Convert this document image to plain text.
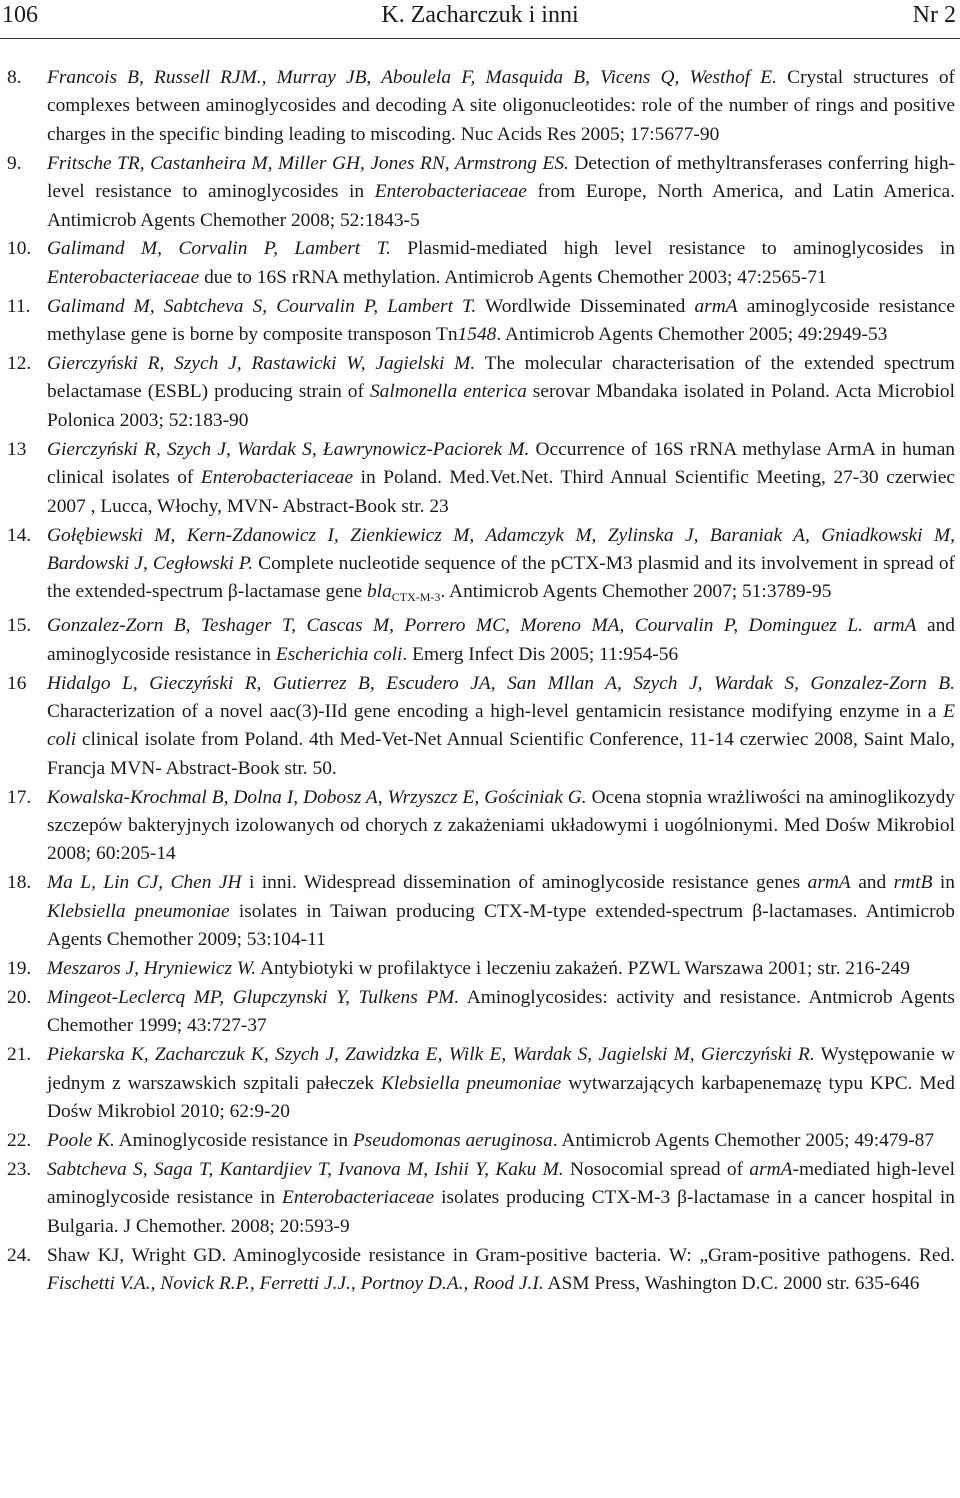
106	K. Zacharczuk i inni	Nr 2
8. Francois B, Russell RJM., Murray JB, Aboulela F, Masquida B, Vicens Q, Westhof E. Crystal structures of complexes between aminoglycosides and decoding A site oligonucleotides: role of the number of rings and positive charges in the specific binding leading to miscoding. Nuc Acids Res 2005; 17:5677-90
9. Fritsche TR, Castanheira M, Miller GH, Jones RN, Armstrong ES. Detection of methyltransferases conferring high-level resistance to aminoglycosides in Enterobacteriaceae from Europe, North America, and Latin America. Antimicrob Agents Chemother 2008; 52:1843-5
10. Galimand M, Corvalin P, Lambert T. Plasmid-mediated high level resistance to aminoglycosides in Enterobacteriaceae due to 16S rRNA methylation. Antimicrob Agents Chemother 2003; 47:2565-71
11. Galimand M, Sabtcheva S, Courvalin P, Lambert T. Wordlwide Disseminated armA aminoglycoside resistance methylase gene is borne by composite transposon Tn1548. Antimicrob Agents Chemother 2005; 49:2949-53
12. Gierczyński R, Szych J, Rastawicki W, Jagielski M. The molecular characterisation of the extended spectrum belactamase (ESBL) producing strain of Salmonella enterica serovar Mbandaka isolated in Poland. Acta Microbiol Polonica 2003; 52:183-90
13 Gierczyński R, Szych J, Wardak S, Ławrynowicz-Paciorek M. Occurrence of 16S rRNA methylase ArmA in human clinical isolates of Enterobacteriaceae in Poland. Med.Vet.Net. Third Annual Scientific Meeting, 27-30 czerwiec 2007 , Lucca, Włochy, MVN- Abstract-Book str. 23
14. Gołębiewski M, Kern-Zdanowicz I, Zienkiewicz M, Adamczyk M, Zylinska J, Baraniak A, Gniadkowski M, Bardowski J, Cegłowski P. Complete nucleotide sequence of the pCTX-M3 plasmid and its involvement in spread of the extended-spectrum β-lactamase gene bla$_{CTX-M-3}$. Antimicrob Agents Chemother 2007; 51:3789-95
15. Gonzalez-Zorn B, Teshager T, Cascas M, Porrero MC, Moreno MA, Courvalin P, Dominguez L. armA and aminoglycoside resistance in Escherichia coli. Emerg Infect Dis 2005; 11:954-56
16 Hidalgo L, Gieczyński R, Gutierrez B, Escudero JA, San Mllan A, Szych J, Wardak S, Gonzalez-Zorn B. Characterization of a novel aac(3)-IId gene encoding a high-level gentamicin resistance modifying enzyme in a E coli clinical isolate from Poland. 4th Med-Vet-Net Annual Scientific Conference, 11-14 czerwiec 2008, Saint Malo, Francja MVN- Abstract-Book str. 50.
17. Kowalska-Krochmal B, Dolna I, Dobosz A, Wrzyszcz E, Gościniak G. Ocena stopnia wrażliwości na aminoglikozydy szczepów bakteryjnych izolowanych od chorych z zakażeniami układowymi i uogólnionymi. Med Dośw Mikrobiol 2008; 60:205-14
18. Ma L, Lin CJ, Chen JH i inni. Widespread dissemination of aminoglycoside resistance genes armA and rmtB in Klebsiella pneumoniae isolates in Taiwan producing CTX-M-type extended-spectrum β-lactamases. Antimicrob Agents Chemother 2009; 53:104-11
19. Meszaros J, Hryniewicz W. Antybiotyki w profilaktyce i leczeniu zakażeń. PZWL Warszawa 2001; str. 216-249
20. Mingeot-Leclercq MP, Glupczynski Y, Tulkens PM. Aminoglycosides: activity and resistance. Antmicrob Agents Chemother 1999; 43:727-37
21. Piekarska K, Zacharczuk K, Szych J, Zawidzka E, Wilk E, Wardak S, Jagielski M, Gierczyński R. Występowanie w jednym z warszawskich szpitali pałeczek Klebsiella pneumoniae wytwarzających karbapenemazę typu KPC. Med Dośw Mikrobiol 2010; 62:9-20
22. Poole K. Aminoglycoside resistance in Pseudomonas aeruginosa. Antimicrob Agents Chemother 2005; 49:479-87
23. Sabtcheva S, Saga T, Kantardjiev T, Ivanova M, Ishii Y, Kaku M. Nosocomial spread of armA-mediated high-level aminoglycoside resistance in Enterobacteriaceae isolates producing CTX-M-3 β-lactamase in a cancer hospital in Bulgaria. J Chemother. 2008; 20:593-9
24. Shaw KJ, Wright GD. Aminoglycoside resistance in Gram-positive bacteria. W: „Gram-positive pathogens. Red. Fischetti V.A., Novick R.P., Ferretti J.J., Portnoy D.A., Rood J.I. ASM Press, Washington D.C. 2000 str. 635-646
